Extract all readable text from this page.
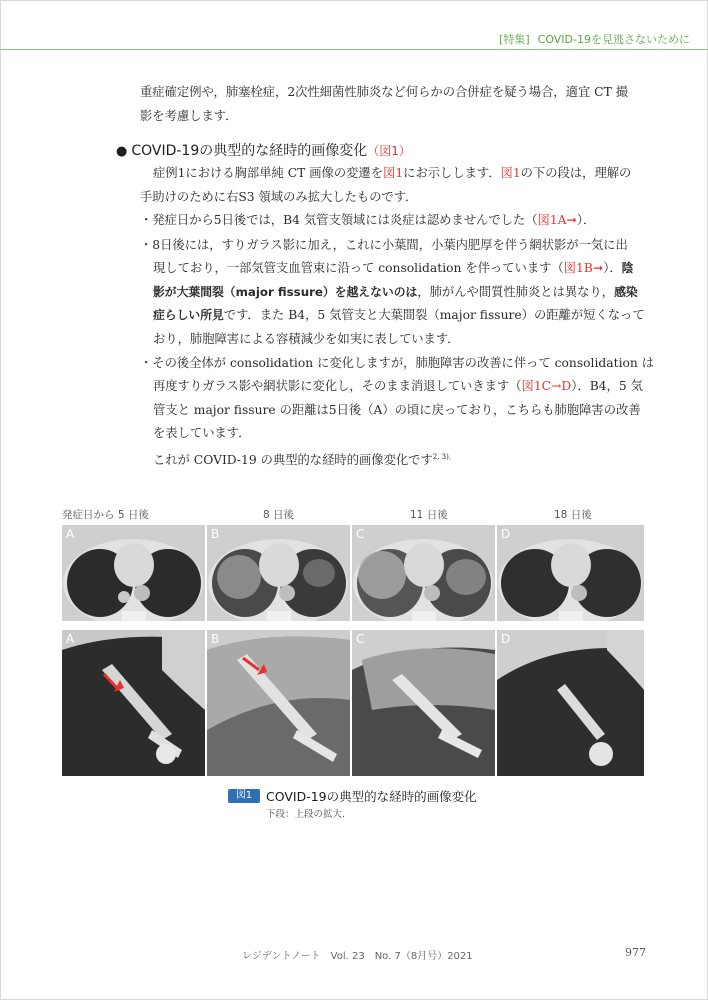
[特集] COVID-19を見逃さないために
重症確定例や，肺塞栓症，2次性細菌性肺炎など何らかの合併症を疑う場合，適宜 CT 撮
影を考慮します．
● COVID-19の典型的な経時的画像変化（図1）
症例1における胸部単純 CT 画像の変遷を図1にお示しします．図1の下の段は，理解の
手助けのために右S3 領域のみ拡大したものです．
・発症日から5日後では，B4 気管支領域には炎症は認めませんでした（図1A➞）．
・8日後には，すりガラス影に加え，これに小葉間，小葉内肥厚を伴う網状影が一気に出
現しており，一部気管支血管束に沿って consolidation を伴っています（図1B➞）．陰
影が大葉間裂（major fissure）を越えないのは，肺がんや間質性肺炎とは異なり，感染
症らしい所見です．また B4，5 気管支と大葉間裂（major fissure）の距離が短くなって
おり，肺胞障害による容積減少を如実に表しています．
・その後全体が consolidation に変化しますが，肺胞障害の改善に伴って consolidation は
再度すりガラス影や網状影に変化し，そのまま消退していきます（図1C→D）．B4，5 気
管支と major fissure の距離は5日後（A）の頃に戻っており，こちらも肺胞障害の改善
を表しています．
これが COVID-19 の典型的な経時的画像変化です$^{2, 3).}$
発症日から 5 日後	8 日後	11 日後	18 日後
A	B	C	D
A	B	C	D
図1	COVID-19の典型的な経時的画像変化
下段：上段の拡大．
レジデントノート　Vol. 23　No. 7（8月号）2021	977
